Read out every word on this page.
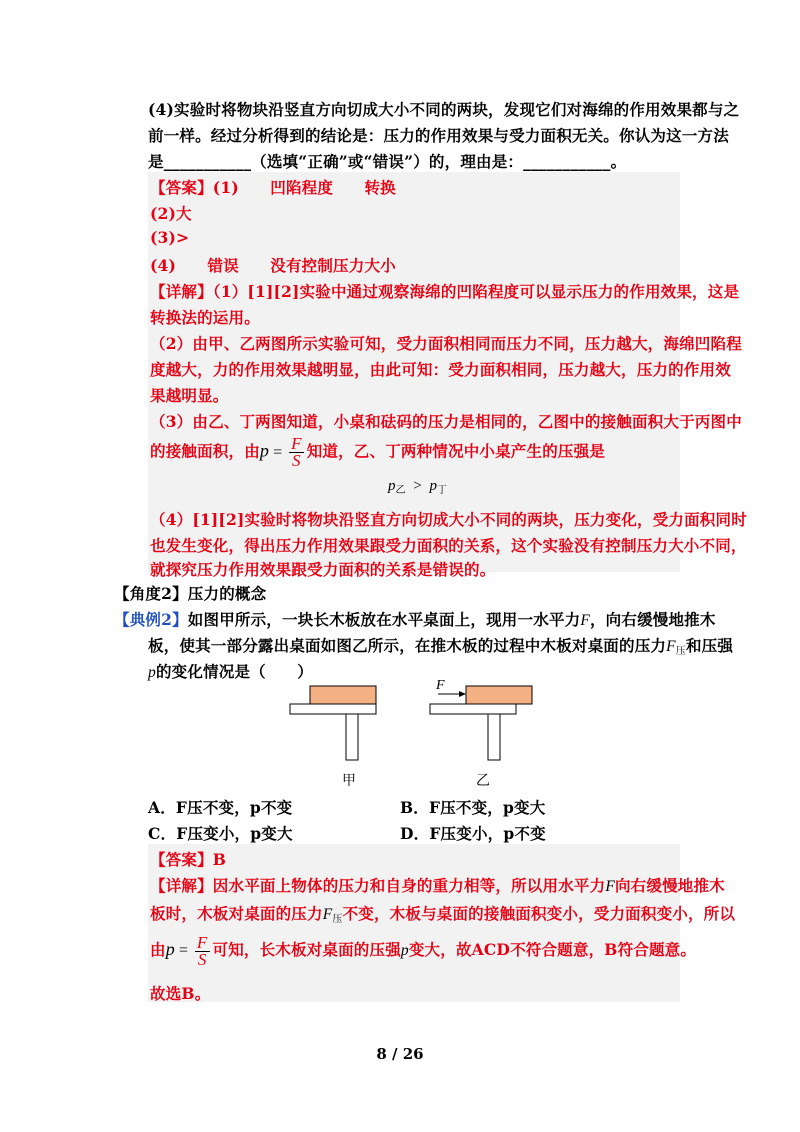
(4)实验时将物块沿竖直方向切成大小不同的两块，发现它们对海绵的作用效果都与之
前一样。经过分析得到的结论是：压力的作用效果与受力面积无关。你认为这一方法
是___________（选填“正确”或“错误”）的，理由是：___________。
【答案】(1)　　凹陷程度　　转换
(2)大
(3)>
(4)　　错误　　没有控制压力大小
【详解】（1）[1][2]实验中通过观察海绵的凹陷程度可以显示压力的作用效果，这是
转换法的运用。
（2）由甲、乙两图所示实验可知，受力面积相同而压力不同，压力越大，海绵凹陷程
度越大，力的作用效果越明显，由此可知：受力面积相同，压力越大，压力的作用效
果越明显。
（3）由乙、丁两图知道，小桌和砝码的压力是相同的，乙图中的接触面积大于丙图中
的接触面积，由$p = \frac{F}{S}$ 知道，乙、丁两种情况中小桌产生的压强是
$p_乙 > p_丁$
（4）[1][2]实验时将物块沿竖直方向切成大小不同的两块，压力变化，受力面积同时
也发生变化，得出压力作用效果跟受力面积的关系，这个实验没有控制压力大小不同，
就探究压力作用效果跟受力面积的关系是错误的。
【角度2】压力的概念
【典例2】如图甲所示，一块长木板放在水平桌面上，现用一水平力F，向右缓慢地推木
板，使其一部分露出桌面如图乙所示，在推木板的过程中木板对桌面的压力$F_压$和压强
p的变化情况是（　　）
F
甲	乙
A．F压不变，p不变	B．F压不变，p变大
C．F压变小，p变大	D．F压变小，p不变
【答案】B
【详解】因水平面上物体的压力和自身的重力相等，所以用水平力F向右缓慢地推木
板时，木板对桌面的压力$F_压$不变，木板与桌面的接触面积变小，受力面积变小，所以
由$p = \frac{F}{S}$ 可知，长木板对桌面的压强p变大，故ACD不符合题意，B符合题意。
故选B。
8 / 26
